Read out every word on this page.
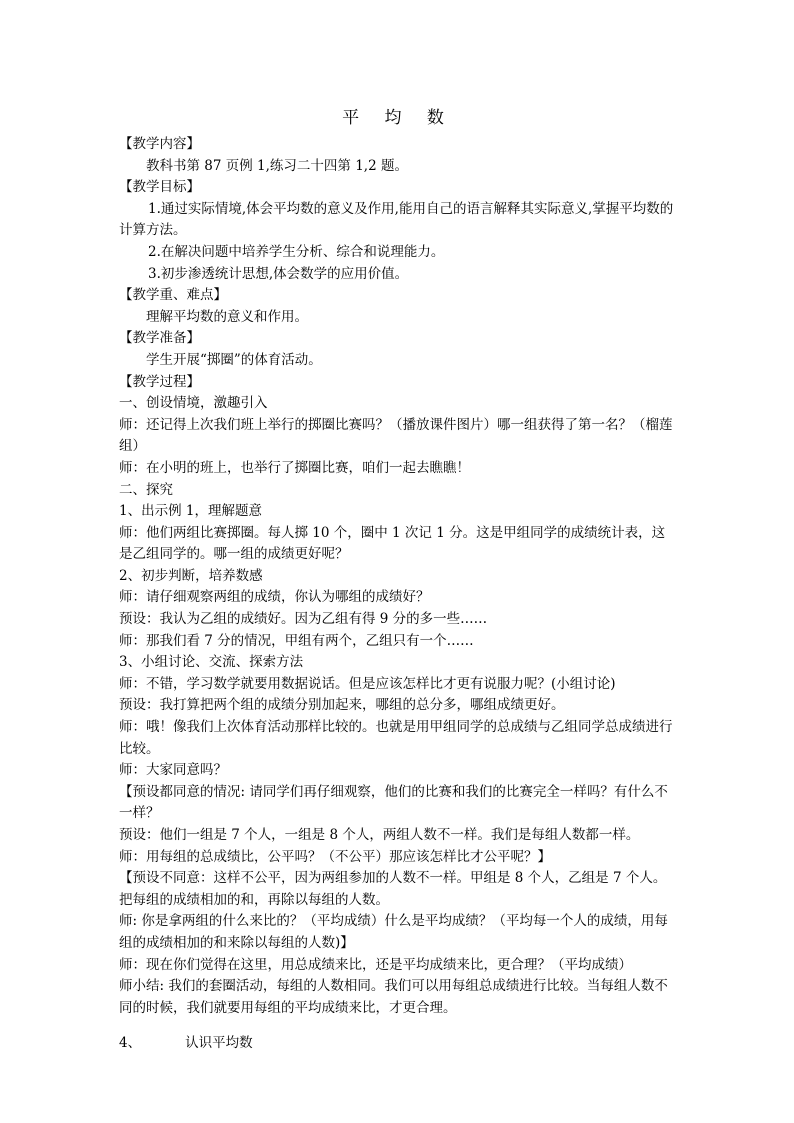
平 均 数

【教学内容】

教科书第 87 页例 1,练习二十四第 1,2 题。

【教学目标】

1.通过实际情境,体会平均数的意义及作用,能用自己的语言解释其实际意义,掌握平均数的计算方法。

2.在解决问题中培养学生分析、综合和说理能力。

3.初步渗透统计思想,体会数学的应用价值。

【教学重、难点】

理解平均数的意义和作用。

【教学准备】

学生开展“掷圈”的体育活动。

【教学过程】

一、创设情境，激趣引入

师：还记得上次我们班上举行的掷圈比赛吗？（播放课件图片）哪一组获得了第一名？（榴莲组）

师：在小明的班上，也举行了掷圈比赛，咱们一起去瞧瞧！

二、探究

1、出示例 1，理解题意

师：他们两组比赛掷圈。每人掷 10 个，圈中 1 次记 1 分。这是甲组同学的成绩统计表，这是乙组同学的。哪一组的成绩更好呢？

2、初步判断，培养数感

师：请仔细观察两组的成绩，你认为哪组的成绩好？

预设：我认为乙组的成绩好。因为乙组有得 9 分的多一些……

师：那我们看 7 分的情况，甲组有两个，乙组只有一个……

3、小组讨论、交流、探索方法

师：不错，学习数学就要用数据说话。但是应该怎样比才更有说服力呢？(小组讨论)

预设：我打算把两个组的成绩分别加起来，哪组的总分多，哪组成绩更好。

师：哦！像我们上次体育活动那样比较的。也就是用甲组同学的总成绩与乙组同学总成绩进行比较。

师：大家同意吗？

【预设都同意的情况: 请同学们再仔细观察，他们的比赛和我们的比赛完全一样吗？有什么不一样？

预设：他们一组是 7 个人，一组是 8 个人，两组人数不一样。我们是每组人数都一样。

师：用每组的总成绩比，公平吗？（不公平）那应该怎样比才公平呢？】

【预设不同意：这样不公平，因为两组参加的人数不一样。甲组是 8 个人，乙组是 7 个人。把每组的成绩相加的和，再除以每组的人数。

师: 你是拿两组的什么来比的？（平均成绩）什么是平均成绩？（平均每一个人的成绩，用每组的成绩相加的和来除以每组的人数)】

师：现在你们觉得在这里，用总成绩来比，还是平均成绩来比，更合理？（平均成绩）

师小结: 我们的套圈活动，每组的人数相同。我们可以用每组总成绩进行比较。当每组人数不同的时候，我们就要用每组的平均成绩来比，才更合理。

4、	认识平均数
